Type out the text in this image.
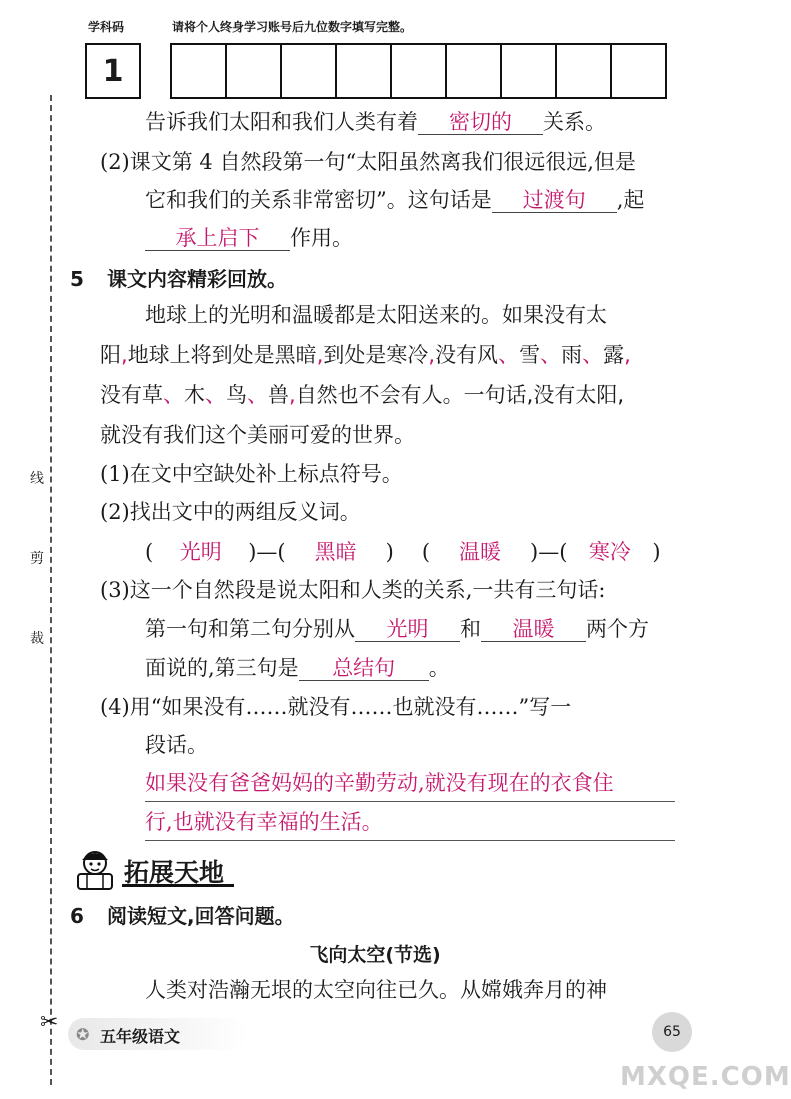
学科码	请将个人终身学习账号后九位数字填写完整。
1
线
剪
裁
✂
告诉我们太阳和我们人类有着 密切的 关系。
(2)课文第 4 自然段第一句“太阳虽然离我们很远很远,但是
它和我们的关系非常密切”。这句话是 过渡句 ,起
承上启下 作用。
5 课文内容精彩回放。
地球上的光明和温暖都是太阳送来的。如果没有太
阳,地球上将到处是黑暗,到处是寒冷,没有风、雪、雨、露,
没有草、木、鸟、兽,自然也不会有人。一句话,没有太阳,
就没有我们这个美丽可爱的世界。
(1)在文中空缺处补上标点符号。
(2)找出文中的两组反义词。
( 光明 )—( 黑暗 ) ( 温暖 )—( 寒冷 )
(3)这一个自然段是说太阳和人类的关系,一共有三句话:
第一句和第二句分别从 光明 和 温暖 两个方
面说的,第三句是 总结句 。
(4)用“如果没有……就没有……也就没有……”写一
段话。
如果没有爸爸妈妈的辛勤劳动,就没有现在的衣食住
行,也就没有幸福的生活。
拓展天地
6 阅读短文,回答问题。
飞向太空(节选)
人类对浩瀚无垠的太空向往已久。从嫦娥奔月的神
✪ 五年级语文	65
MXQE.COM
